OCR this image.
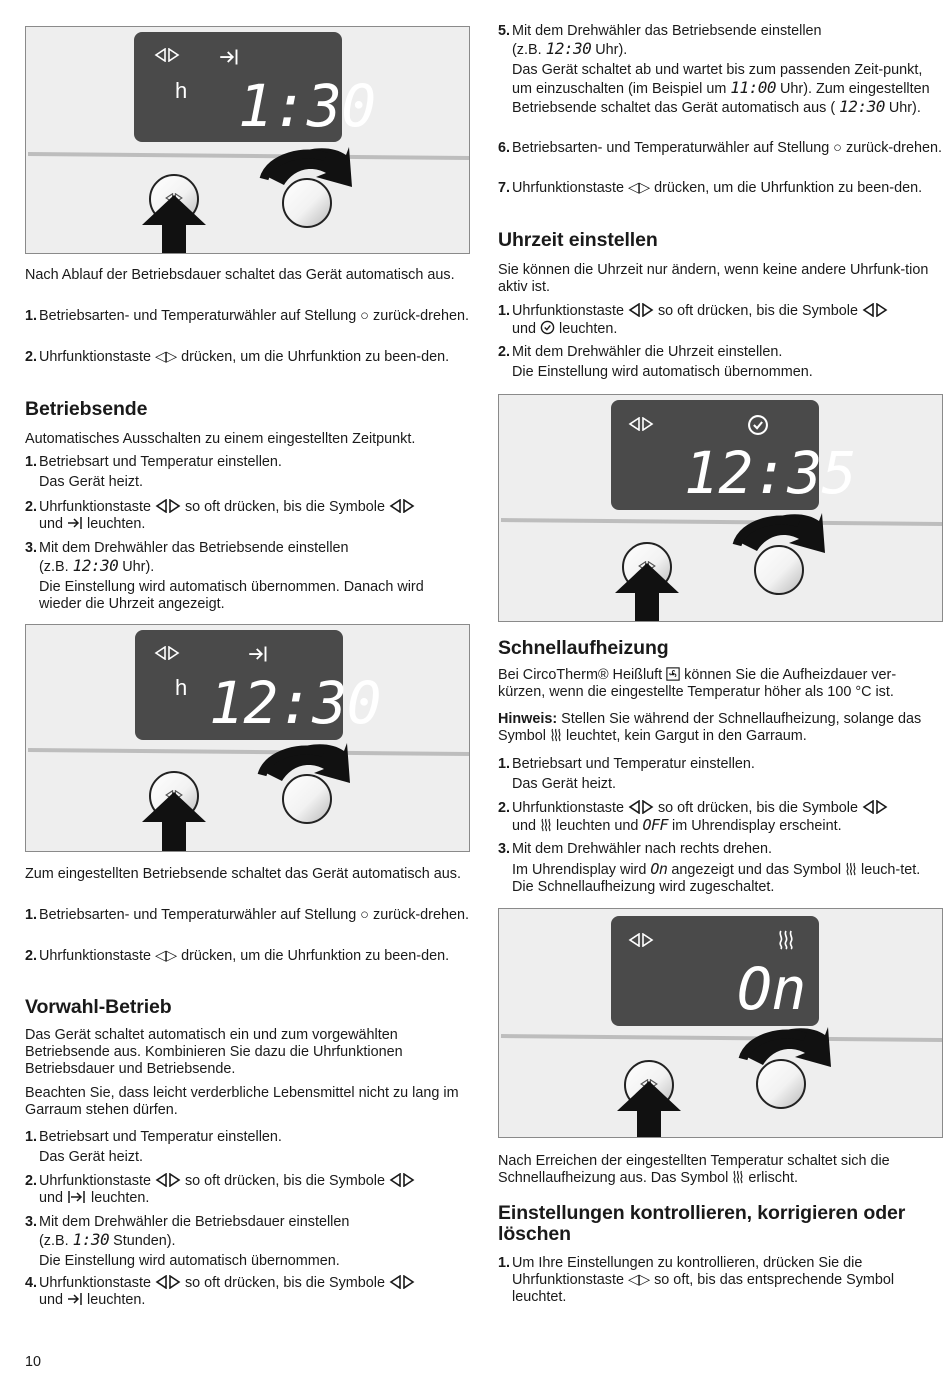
h 1:30
Nach Ablauf der Betriebsdauer schaltet das Gerät automatisch aus.
1. Betriebsarten- und Temperaturwähler auf Stellung ○ zurück-drehen.
2. Uhrfunktionstaste ◁▷ drücken, um die Uhrfunktion zu been-den.
Betriebsende
Automatisches Ausschalten zu einem eingestellten Zeitpunkt.
1. Betriebsart und Temperatur einstellen.
Das Gerät heizt.
2. Uhrfunktionstaste so oft drücken, bis die Symbole
und leuchten.
3. Mit dem Drehwähler das Betriebsende einstellen
(z.B. 12:30 Uhr).
Die Einstellung wird automatisch übernommen. Danach wird wieder die Uhrzeit angezeigt.
h 12:30
Zum eingestellten Betriebsende schaltet das Gerät automatisch aus.
1. Betriebsarten- und Temperaturwähler auf Stellung ○ zurück-drehen.
2. Uhrfunktionstaste ◁▷ drücken, um die Uhrfunktion zu been-den.
Vorwahl-Betrieb
Das Gerät schaltet automatisch ein und zum vorgewählten Betriebsende aus. Kombinieren Sie dazu die Uhrfunktionen Betriebsdauer und Betriebsende.
Beachten Sie, dass leicht verderbliche Lebensmittel nicht zu lang im Garraum stehen dürfen.
1. Betriebsart und Temperatur einstellen.
Das Gerät heizt.
2. Uhrfunktionstaste so oft drücken, bis die Symbole
und leuchten.
3. Mit dem Drehwähler die Betriebsdauer einstellen
(z.B. 1:30 Stunden).
Die Einstellung wird automatisch übernommen.
4. Uhrfunktionstaste so oft drücken, bis die Symbole
und leuchten.
5. Mit dem Drehwähler das Betriebsende einstellen
(z.B. 12:30 Uhr).
Das Gerät schaltet ab und wartet bis zum passenden Zeit-punkt, um einzuschalten (im Beispiel um 11:00 Uhr). Zum eingestellten Betriebsende schaltet das Gerät automatisch aus ( 12:30 Uhr).
6. Betriebsarten- und Temperaturwähler auf Stellung ○ zurück-drehen.
7. Uhrfunktionstaste ◁▷ drücken, um die Uhrfunktion zu been-den.
Uhrzeit einstellen
Sie können die Uhrzeit nur ändern, wenn keine andere Uhrfunk-tion aktiv ist.
1. Uhrfunktionstaste so oft drücken, bis die Symbole
und leuchten.
2. Mit dem Drehwähler die Uhrzeit einstellen.
Die Einstellung wird automatisch übernommen.
12:35
Schnellaufheizung
Bei CircoTherm® Heißluft können Sie die Aufheizdauer ver-kürzen, wenn die eingestellte Temperatur höher als 100 °C ist.
Hinweis: Stellen Sie während der Schnellaufheizung, solange das Symbol leuchtet, kein Gargut in den Garraum.
1. Betriebsart und Temperatur einstellen.
Das Gerät heizt.
2. Uhrfunktionstaste so oft drücken, bis die Symbole
und leuchten und OFF im Uhrendisplay erscheint.
3. Mit dem Drehwähler nach rechts drehen.
Im Uhrendisplay wird On angezeigt und das Symbol leuch-tet. Die Schnellaufheizung wird zugeschaltet.
On
Nach Erreichen der eingestellten Temperatur schaltet sich die Schnellaufheizung aus. Das Symbol erlischt.
Einstellungen kontrollieren, korrigieren oder löschen
1. Um Ihre Einstellungen zu kontrollieren, drücken Sie die Uhrfunktionstaste ◁▷ so oft, bis das entsprechende Symbol leuchtet.
10
